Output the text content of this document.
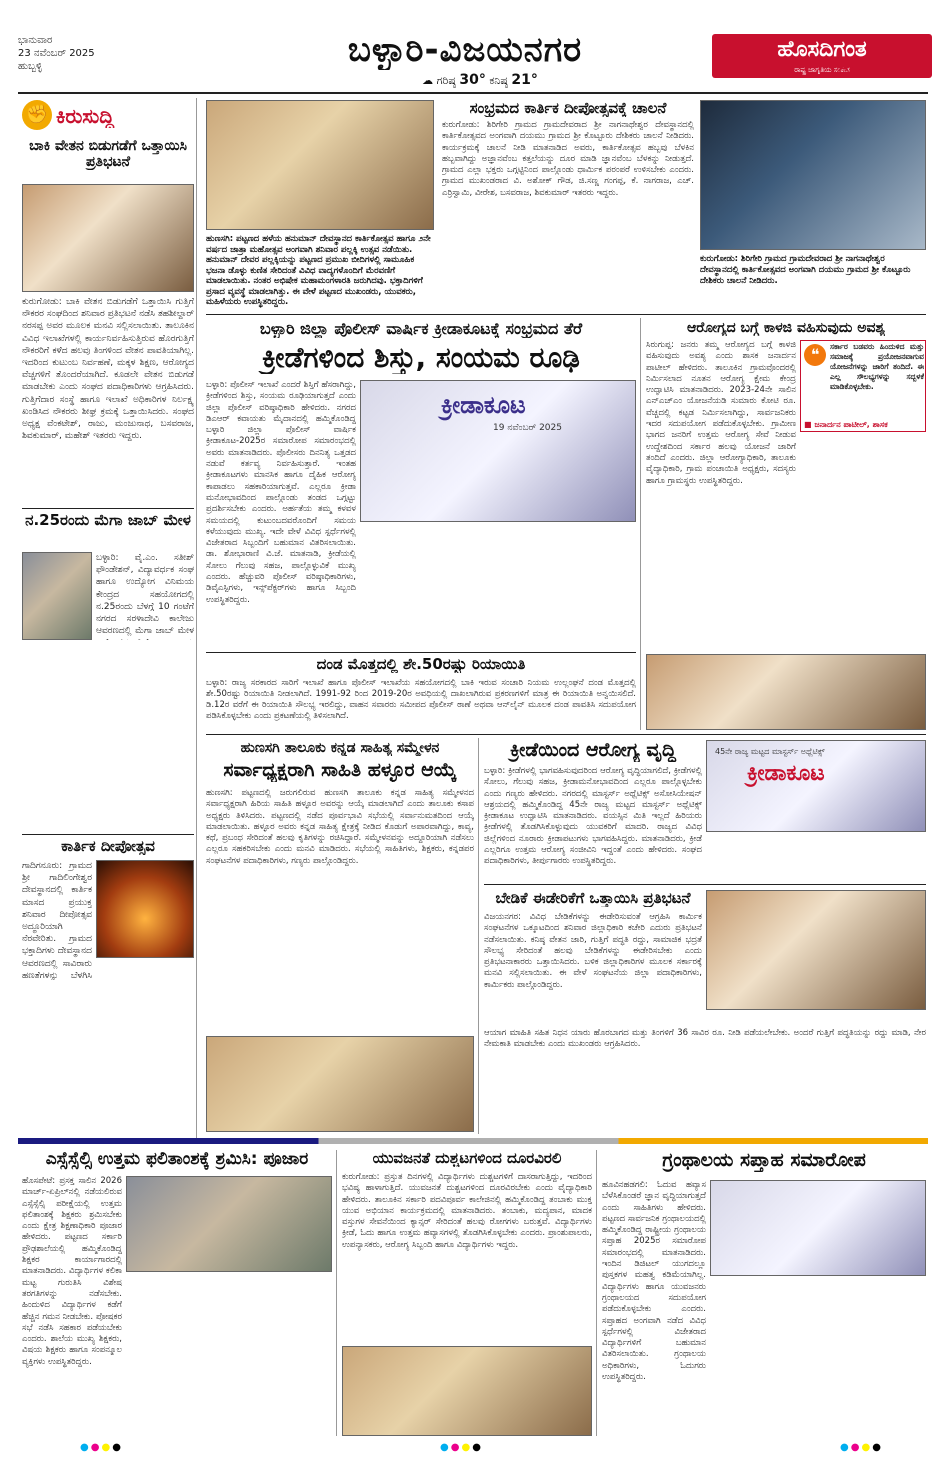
ಭಾನುವಾರ
23 ನವೆಂಬರ್ 2025
ಹುಬ್ಬಳ್ಳಿ	ಬಳ್ಳಾರಿ-ವಿಜಯನಗರ
☁ ಗರಿಷ್ಠ 30° ಕನಿಷ್ಠ 21°
ಹೊಸದಿಗಂತ
ರಾಷ್ಟ್ರ ಜಾಗೃತಿಯ ಸಂಕೇತ
೧೧
✊ ಕಿರುಸುದ್ದಿ
ಬಾಕಿ ವೇತನ ಬಿಡುಗಡೆಗೆ ಒತ್ತಾಯಿಸಿ ಪ್ರತಿಭಟನೆ
ಕುರುಗೋಡು: ಬಾಕಿ ವೇತನ ಬಿಡುಗಡೆಗೆ ಒತ್ತಾಯಿಸಿ ಗುತ್ತಿಗೆ ನೌಕರರ ಸಂಘದಿಂದ ಶನಿವಾರ ಪ್ರತಿಭಟನೆ ನಡೆಸಿ ತಹಶೀಲ್ದಾರ್ ನರಸಪ್ಪ ಅವರ ಮೂಲಕ ಮನವಿ ಸಲ್ಲಿಸಲಾಯಿತು. ತಾಲೂಕಿನ ವಿವಿಧ ಇಲಾಖೆಗಳಲ್ಲಿ ಕಾರ್ಯನಿರ್ವಹಿಸುತ್ತಿರುವ ಹೊರಗುತ್ತಿಗೆ ನೌಕರರಿಗೆ ಕಳೆದ ಹಲವು ತಿಂಗಳಿಂದ ವೇತನ ಪಾವತಿಯಾಗಿಲ್ಲ. ಇದರಿಂದ ಕುಟುಂಬ ನಿರ್ವಹಣೆ, ಮಕ್ಕಳ ಶಿಕ್ಷಣ, ಆರೋಗ್ಯದ ವೆಚ್ಚಗಳಿಗೆ ತೊಂದರೆಯಾಗಿದೆ. ಕೂಡಲೇ ವೇತನ ಬಿಡುಗಡೆ ಮಾಡಬೇಕು ಎಂದು ಸಂಘದ ಪದಾಧಿಕಾರಿಗಳು ಆಗ್ರಹಿಸಿದರು. ಗುತ್ತಿಗೆದಾರ ಸಂಸ್ಥೆ ಹಾಗೂ ಇಲಾಖೆ ಅಧಿಕಾರಿಗಳ ನಿರ್ಲಕ್ಷ್ಯ ಖಂಡಿಸಿದ ನೌಕರರು ಶೀಘ್ರ ಕ್ರಮಕ್ಕೆ ಒತ್ತಾಯಿಸಿದರು. ಸಂಘದ ಅಧ್ಯಕ್ಷ ವೆಂಕಟೇಶ್, ರಾಜು, ಮಂಜುನಾಥ, ಬಸವರಾಜ, ಶಿವಕುಮಾರ್, ಮಹೇಶ್ ಇತರರು ಇದ್ದರು.
ನ.25ರಂದು ಮೆಗಾ ಜಾಬ್ ಮೇಳ
ಬಳ್ಳಾರಿ: ವೈ.ಎಂ. ಸತೀಶ್ ಫೌಂಡೇಶನ್, ವಿದ್ಯಾವರ್ಧಕ ಸಂಘ ಹಾಗೂ ಉದ್ಯೋಗ ವಿನಿಮಯ ಕೇಂದ್ರದ ಸಹಯೋಗದಲ್ಲಿ ನ.25ರಂದು ಬೆಳಗ್ಗೆ 10 ಗಂಟೆಗೆ ನಗರದ ಸರಳಾದೇವಿ ಕಾಲೇಜು ಆವರಣದಲ್ಲಿ ಮೆಗಾ ಜಾಬ್ ಮೇಳ
ಕಾರ್ತಿಕ ದೀಪೋತ್ಸವ
ಗಾದಿಗನೂರು: ಗ್ರಾಮದ ಶ್ರೀ ಗಾದಿಲಿಂಗೇಶ್ವರ ದೇವಸ್ಥಾನದಲ್ಲಿ ಕಾರ್ತಿಕ ಮಾಸದ ಪ್ರಯುಕ್ತ ಶನಿವಾರ ದೀಪೋತ್ಸವ ಅದ್ಧೂರಿಯಾಗಿ ನೆರವೇರಿತು. ಗ್ರಾಮದ ಭಕ್ತಾದಿಗಳು ದೇವಸ್ಥಾನದ ಆವರಣದಲ್ಲಿ ಸಾವಿರಾರು ಹಣತೆಗಳನ್ನು ಬೆಳಗಿಸಿ
ಹುಣಸಗಿ: ಪಟ್ಟಣದ ಹಳೆಯ ಹನುಮಾನ್ ದೇವಸ್ಥಾನದ ಕಾರ್ತಿಕೋತ್ಸವ ಹಾಗೂ ೨ನೇ ವರ್ಷದ ಜಾತ್ರಾ ಮಹೋತ್ಸವ ಅಂಗವಾಗಿ ಶನಿವಾರ ಪಲ್ಲಕ್ಕಿ ಉತ್ಸವ ನಡೆಯಿತು. ಹನುಮಾನ್ ದೇವರ ಪಲ್ಲಕ್ಕಿಯನ್ನು ಪಟ್ಟಣದ ಪ್ರಮುಖ ಬೀದಿಗಳಲ್ಲಿ ಸಾಮೂಹಿಕ ಭಜನಾ ಡೊಳ್ಳು ಕುಣಿತ ಸೇರಿದಂತೆ ವಿವಿಧ ವಾದ್ಯಗಳೊಂದಿಗೆ ಮೆರವಣಿಗೆ ಮಾಡಲಾಯಿತು. ನಂತರ ಅಭಿಷೇಕ ಮಹಾಮಂಗಳಾರತಿ ಜರುಗಿದವು. ಭಕ್ತಾದಿಗಳಿಗೆ ಪ್ರಸಾದ ವ್ಯವಸ್ಥೆ ಮಾಡಲಾಗಿತ್ತು. ಈ ವೇಳೆ ಪಟ್ಟಣದ ಮುಖಂಡರು, ಯುವಕರು, ಮಹಿಳೆಯರು ಉಪಸ್ಥಿತರಿದ್ದರು.
ಸಂಭ್ರಮದ ಕಾರ್ತಿಕ ದೀಪೋತ್ಸವಕ್ಕೆ ಚಾಲನೆ
ಕುರುಗೋಡು: ಶಿರಿಗೇರಿ ಗ್ರಾಮದ ಗ್ರಾಮದೇವರಾದ ಶ್ರೀ ನಾಗನಾಥೇಶ್ವರ ದೇವಸ್ಥಾನದಲ್ಲಿ ಕಾರ್ತಿಕೋತ್ಸವದ ಅಂಗವಾಗಿ ದಯಮು ಗ್ರಾಮದ ಶ್ರೀ ಕೊಟ್ಟೂರು ದೇಶಿಕರು ಚಾಲನೆ ನೀಡಿದರು. ಕಾರ್ಯಕ್ರಮಕ್ಕೆ ಚಾಲನೆ ನೀಡಿ ಮಾತನಾಡಿದ ಅವರು, ಕಾರ್ತಿಕೋತ್ಸವ ಹಬ್ಬವು ಬೆಳಕಿನ ಹಬ್ಬವಾಗಿದ್ದು ಅಜ್ಞಾನವೆಂಬ ಕತ್ತಲೆಯನ್ನು ದೂರ ಮಾಡಿ ಜ್ಞಾನವೆಂಬ ಬೆಳಕನ್ನು ನೀಡುತ್ತದೆ. ಗ್ರಾಮದ ಎಲ್ಲಾ ಭಕ್ತರು ಒಗ್ಗಟ್ಟಿನಿಂದ ಪಾಲ್ಗೊಂಡು ಧಾರ್ಮಿಕ ಪರಂಪರೆ ಉಳಿಸಬೇಕು ಎಂದರು. ಗ್ರಾಮದ ಮುಖಂಡರಾದ ವಿ. ಅಶೋಕ್ ಗೌಡ, ಜಿ.ಸಣ್ಣ ಗಂಗಪ್ಪ, ಕೆ. ನಾಗರಾಜ, ಎಚ್. ಎರ್ರಿಸ್ವಾಮಿ, ವೀರೇಶ, ಬಸವರಾಜ, ಶಿವಕುಮಾರ್ ಇತರರು ಇದ್ದರು.
ಕುರುಗೋಡು: ಶಿರಿಗೇರಿ ಗ್ರಾಮದ ಗ್ರಾಮದೇವರಾದ ಶ್ರೀ ನಾಗನಾಥೇಶ್ವರ ದೇವಸ್ಥಾನದಲ್ಲಿ ಕಾರ್ತಿಕೋತ್ಸವದ ಅಂಗವಾಗಿ ದಯಮು ಗ್ರಾಮದ ಶ್ರೀ ಕೊಟ್ಟೂರು ದೇಶಿಕರು ಚಾಲನೆ ನೀಡಿದರು.
ಬಳ್ಳಾರಿ ಜಿಲ್ಲಾ ಪೊಲೀಸ್ ವಾರ್ಷಿಕ ಕ್ರೀಡಾಕೂಟಕ್ಕೆ ಸಂಭ್ರಮದ ತೆರೆ
ಕ್ರೀಡೆಗಳಿಂದ ಶಿಸ್ತು, ಸಂಯಮ ರೂಢಿ
ಬಳ್ಳಾರಿ: ಪೊಲೀಸ್ ಇಲಾಖೆ ಎಂದರೆ ಶಿಸ್ತಿಗೆ ಹೆಸರಾಗಿದ್ದು, ಕ್ರೀಡೆಗಳಿಂದ ಶಿಸ್ತು, ಸಂಯಮ ರೂಢಿಯಾಗುತ್ತದೆ ಎಂದು ಜಿಲ್ಲಾ ಪೊಲೀಸ್ ವರಿಷ್ಠಾಧಿಕಾರಿ ಹೇಳಿದರು. ನಗರದ ಡಿಎಆರ್ ಕವಾಯತು ಮೈದಾನದಲ್ಲಿ ಹಮ್ಮಿಕೊಂಡಿದ್ದ ಬಳ್ಳಾರಿ ಜಿಲ್ಲಾ ಪೊಲೀಸ್ ವಾರ್ಷಿಕ ಕ್ರೀಡಾಕೂಟ-2025ರ ಸಮಾರೋಪ ಸಮಾರಂಭದಲ್ಲಿ ಅವರು ಮಾತನಾಡಿದರು. ಪೊಲೀಸರು ದಿನನಿತ್ಯ ಒತ್ತಡದ ನಡುವೆ ಕರ್ತವ್ಯ ನಿರ್ವಹಿಸುತ್ತಾರೆ. ಇಂತಹ ಕ್ರೀಡಾಕೂಟಗಳು ಮಾನಸಿಕ ಹಾಗೂ ದೈಹಿಕ ಆರೋಗ್ಯ ಕಾಪಾಡಲು ಸಹಕಾರಿಯಾಗುತ್ತವೆ. ಎಲ್ಲರೂ ಕ್ರೀಡಾ ಮನೋಭಾವದಿಂದ ಪಾಲ್ಗೊಂಡು ತಂಡದ ಒಗ್ಗಟ್ಟು ಪ್ರದರ್ಶಿಸಬೇಕು ಎಂದರು. ಅರ್ಹತೆಯ ತಮ್ಮ ಕಳವಳ ಸಮಯದಲ್ಲಿ ಕುಟುಂಬದವರೊಂದಿಗೆ ಸಮಯ ಕಳೆಯುವುದು ಮುಖ್ಯ. ಇದೇ ವೇಳೆ ವಿವಿಧ ಸ್ಪರ್ಧೆಗಳಲ್ಲಿ ವಿಜೇತರಾದ ಸಿಬ್ಬಂದಿಗೆ ಬಹುಮಾನ ವಿತರಿಸಲಾಯಿತು. ಡಾ. ಶೋಭಾರಾಣಿ ವಿ.ಜೆ. ಮಾತನಾಡಿ, ಕ್ರೀಡೆಯಲ್ಲಿ ಸೋಲು ಗೆಲುವು ಸಹಜ, ಪಾಲ್ಗೊಳ್ಳುವಿಕೆ ಮುಖ್ಯ ಎಂದರು. ಹೆಚ್ಚುವರಿ ಪೊಲೀಸ್ ವರಿಷ್ಠಾಧಿಕಾರಿಗಳು, ಡಿವೈಎಸ್ಪಿಗಳು, ಇನ್ಸ್‌ಪೆಕ್ಟರ್‌ಗಳು ಹಾಗೂ ಸಿಬ್ಬಂದಿ ಉಪಸ್ಥಿತರಿದ್ದರು.
ಕ್ರೀಡಾಕೂಟ
19 ನವೆಂಬರ್ 2025
ದಂಡ ಮೊತ್ತದಲ್ಲಿ ಶೇ.50ರಷ್ಟು ರಿಯಾಯಿತಿ
ಬಳ್ಳಾರಿ: ರಾಜ್ಯ ಸರಕಾರದ ಸಾರಿಗೆ ಇಲಾಖೆ ಹಾಗೂ ಪೊಲೀಸ್ ಇಲಾಖೆಯ ಸಹಯೋಗದಲ್ಲಿ ಬಾಕಿ ಇರುವ ಸಂಚಾರಿ ನಿಯಮ ಉಲ್ಲಂಘನೆ ದಂಡ ಮೊತ್ತದಲ್ಲಿ ಶೇ.50ರಷ್ಟು ರಿಯಾಯಿತಿ ನೀಡಲಾಗಿದೆ. 1991-92 ರಿಂದ 2019-20ರ ಅವಧಿಯಲ್ಲಿ ದಾಖಲಾಗಿರುವ ಪ್ರಕರಣಗಳಿಗೆ ಮಾತ್ರ ಈ ರಿಯಾಯಿತಿ ಅನ್ವಯಿಸಲಿದೆ. ಡಿ.12ರ ವರೆಗೆ ಈ ರಿಯಾಯಿತಿ ಸೌಲಭ್ಯ ಇರಲಿದ್ದು, ವಾಹನ ಸವಾರರು ಸಮೀಪದ ಪೊಲೀಸ್ ಠಾಣೆ ಅಥವಾ ಆನ್‌ಲೈನ್ ಮೂಲಕ ದಂಡ ಪಾವತಿಸಿ ಸದುಪಯೋಗ ಪಡಿಸಿಕೊಳ್ಳಬೇಕು ಎಂದು ಪ್ರಕಟಣೆಯಲ್ಲಿ ತಿಳಿಸಲಾಗಿದೆ.
ಆರೋಗ್ಯದ ಬಗ್ಗೆ ಕಾಳಜಿ ವಹಿಸುವುದು ಅವಶ್ಯ
❝	ಸರ್ಕಾರ ಬಡವರು ಹಿಂದುಳಿದ ಮತ್ತು ಸಮಾಜಕ್ಕೆ ಪ್ರಯೋಜನವಾಗುವ ಯೋಜನೆಗಳನ್ನು ಜಾರಿಗೆ ತಂದಿದೆ. ಈ ಎಲ್ಲ ಸೌಲಭ್ಯಗಳನ್ನು ಸದ್ಬಳಕೆ ಮಾಡಿಕೊಳ್ಳಬೇಕು.
■ ಜನಾರ್ದನ ಪಾಟೀಲ್, ಶಾಸಕ
ಸಿರುಗುಪ್ಪ: ಜನರು ತಮ್ಮ ಆರೋಗ್ಯದ ಬಗ್ಗೆ ಕಾಳಜಿ ವಹಿಸುವುದು ಅವಶ್ಯ ಎಂದು ಶಾಸಕ ಜನಾರ್ದನ ಪಾಟೀಲ್ ಹೇಳಿದರು. ತಾಲೂಕಿನ ಗ್ರಾಮವೊಂದರಲ್ಲಿ ನಿರ್ಮಿಸಲಾದ ನೂತನ ಆರೋಗ್ಯ ಕ್ಷೇಮ ಕೇಂದ್ರ ಉದ್ಘಾಟಿಸಿ ಮಾತನಾಡಿದರು. 2023-24ನೇ ಸಾಲಿನ ಎನ್‌ಎಚ್‌ಎಂ ಯೋಜನೆಯಡಿ ಸುಮಾರು ಕೋಟಿ ರೂ. ವೆಚ್ಚದಲ್ಲಿ ಕಟ್ಟಡ ನಿರ್ಮಿಸಲಾಗಿದ್ದು, ಸಾರ್ವಜನಿಕರು ಇದರ ಸದುಪಯೋಗ ಪಡೆದುಕೊಳ್ಳಬೇಕು. ಗ್ರಾಮೀಣ ಭಾಗದ ಜನರಿಗೆ ಉತ್ತಮ ಆರೋಗ್ಯ ಸೇವೆ ನೀಡುವ ಉದ್ದೇಶದಿಂದ ಸರ್ಕಾರ ಹಲವು ಯೋಜನೆ ಜಾರಿಗೆ ತಂದಿದೆ ಎಂದರು. ಜಿಲ್ಲಾ ಆರೋಗ್ಯಾಧಿಕಾರಿ, ತಾಲೂಕು ವೈದ್ಯಾಧಿಕಾರಿ, ಗ್ರಾಮ ಪಂಚಾಯಿತಿ ಅಧ್ಯಕ್ಷರು, ಸದಸ್ಯರು ಹಾಗೂ ಗ್ರಾಮಸ್ಥರು ಉಪಸ್ಥಿತರಿದ್ದರು.
ಹುಣಸಗಿ ತಾಲೂಕು ಕನ್ನಡ ಸಾಹಿತ್ಯ ಸಮ್ಮೇಳನ
ಸರ್ವಾಧ್ಯಕ್ಷರಾಗಿ ಸಾಹಿತಿ ಹಳ್ಳೂರ ಆಯ್ಕೆ
ಹುಣಸಗಿ: ಪಟ್ಟಣದಲ್ಲಿ ಜರುಗಲಿರುವ ಹುಣಸಗಿ ತಾಲೂಕು ಕನ್ನಡ ಸಾಹಿತ್ಯ ಸಮ್ಮೇಳನದ ಸರ್ವಾಧ್ಯಕ್ಷರಾಗಿ ಹಿರಿಯ ಸಾಹಿತಿ ಹಳ್ಳೂರ ಅವರನ್ನು ಆಯ್ಕೆ ಮಾಡಲಾಗಿದೆ ಎಂದು ತಾಲೂಕು ಕಸಾಪ ಅಧ್ಯಕ್ಷರು ತಿಳಿಸಿದರು. ಪಟ್ಟಣದಲ್ಲಿ ನಡೆದ ಪೂರ್ವಭಾವಿ ಸಭೆಯಲ್ಲಿ ಸರ್ವಾನುಮತದಿಂದ ಆಯ್ಕೆ ಮಾಡಲಾಯಿತು. ಹಳ್ಳೂರ ಅವರು ಕನ್ನಡ ಸಾಹಿತ್ಯ ಕ್ಷೇತ್ರಕ್ಕೆ ನೀಡಿದ ಕೊಡುಗೆ ಅಪಾರವಾಗಿದ್ದು, ಕಾವ್ಯ, ಕಥೆ, ಪ್ರಬಂಧ ಸೇರಿದಂತೆ ಹಲವು ಕೃತಿಗಳನ್ನು ರಚಿಸಿದ್ದಾರೆ. ಸಮ್ಮೇಳನವನ್ನು ಅದ್ದೂರಿಯಾಗಿ ನಡೆಸಲು ಎಲ್ಲರೂ ಸಹಕರಿಸಬೇಕು ಎಂದು ಮನವಿ ಮಾಡಿದರು. ಸಭೆಯಲ್ಲಿ ಸಾಹಿತಿಗಳು, ಶಿಕ್ಷಕರು, ಕನ್ನಡಪರ ಸಂಘಟನೆಗಳ ಪದಾಧಿಕಾರಿಗಳು, ಗಣ್ಯರು ಪಾಲ್ಗೊಂಡಿದ್ದರು.
ಕ್ರೀಡೆಯಿಂದ ಆರೋಗ್ಯ ವೃದ್ಧಿ	45ನೇ ರಾಜ್ಯ ಮಟ್ಟದ ಮಾಸ್ಟರ್ಸ್ ಅಥ್ಲೆಟಿಕ್ಸ್
ಕ್ರೀಡಾಕೂಟ
ಬಳ್ಳಾರಿ: ಕ್ರೀಡೆಗಳಲ್ಲಿ ಭಾಗವಹಿಸುವುದರಿಂದ ಆರೋಗ್ಯ ವೃದ್ಧಿಯಾಗಲಿದೆ, ಕ್ರೀಡೆಗಳಲ್ಲಿ ಸೋಲು, ಗೆಲುವು ಸಹಜ, ಕ್ರೀಡಾಮನೋಭಾವದಿಂದ ಎಲ್ಲರೂ ಪಾಲ್ಗೊಳ್ಳಬೇಕು ಎಂದು ಗಣ್ಯರು ಹೇಳಿದರು. ನಗರದಲ್ಲಿ ಮಾಸ್ಟರ್ಸ್ ಅಥ್ಲೆಟಿಕ್ಸ್ ಅಸೋಸಿಯೇಷನ್ ಆಶ್ರಯದಲ್ಲಿ ಹಮ್ಮಿಕೊಂಡಿದ್ದ 45ನೇ ರಾಜ್ಯ ಮಟ್ಟದ ಮಾಸ್ಟರ್ಸ್ ಅಥ್ಲೆಟಿಕ್ಸ್ ಕ್ರೀಡಾಕೂಟ ಉದ್ಘಾಟಿಸಿ ಮಾತನಾಡಿದರು. ವಯಸ್ಸಿನ ಮಿತಿ ಇಲ್ಲದೆ ಹಿರಿಯರು ಕ್ರೀಡೆಗಳಲ್ಲಿ ತೊಡಗಿಸಿಕೊಳ್ಳುವುದು ಯುವಕರಿಗೆ ಮಾದರಿ. ರಾಜ್ಯದ ವಿವಿಧ ಜಿಲ್ಲೆಗಳಿಂದ ನೂರಾರು ಕ್ರೀಡಾಪಟುಗಳು ಭಾಗವಹಿಸಿದ್ದರು. ಮಾತನಾಡಿದರು, ಕ್ರೀಡೆ ಎಲ್ಲರಿಗೂ ಉತ್ತಮ ಆರೋಗ್ಯ ಸಂಜೀವಿನಿ ಇದ್ದಂತೆ ಎಂದು ಹೇಳಿದರು. ಸಂಘದ ಪದಾಧಿಕಾರಿಗಳು, ತೀರ್ಪುಗಾರರು ಉಪಸ್ಥಿತರಿದ್ದರು.
ಬೇಡಿಕೆ ಈಡೇರಿಕೆಗೆ ಒತ್ತಾಯಿಸಿ ಪ್ರತಿಭಟನೆ
ವಿಜಯನಗರ: ವಿವಿಧ ಬೇಡಿಕೆಗಳನ್ನು ಈಡೇರಿಸುವಂತೆ ಆಗ್ರಹಿಸಿ ಕಾರ್ಮಿಕ ಸಂಘಟನೆಗಳ ಒಕ್ಕೂಟದಿಂದ ಶನಿವಾರ ಜಿಲ್ಲಾಧಿಕಾರಿ ಕಚೇರಿ ಎದುರು ಪ್ರತಿಭಟನೆ ನಡೆಸಲಾಯಿತು. ಕನಿಷ್ಠ ವೇತನ ಜಾರಿ, ಗುತ್ತಿಗೆ ಪದ್ಧತಿ ರದ್ದು, ಸಾಮಾಜಿಕ ಭದ್ರತೆ ಸೌಲಭ್ಯ ಸೇರಿದಂತೆ ಹಲವು ಬೇಡಿಕೆಗಳನ್ನು ಈಡೇರಿಸಬೇಕು ಎಂದು ಪ್ರತಿಭಟನಾಕಾರರು ಒತ್ತಾಯಿಸಿದರು. ಬಳಿಕ ಜಿಲ್ಲಾಧಿಕಾರಿಗಳ ಮೂಲಕ ಸರ್ಕಾರಕ್ಕೆ ಮನವಿ ಸಲ್ಲಿಸಲಾಯಿತು. ಈ ವೇಳೆ ಸಂಘಟನೆಯ ಜಿಲ್ಲಾ ಪದಾಧಿಕಾರಿಗಳು, ಕಾರ್ಮಿಕರು ಪಾಲ್ಗೊಂಡಿದ್ದರು.
ಆಯಾಗ ಮಾಹಿತಿ ಸಹಿತ ನಿಧನ ಯಾರು ಹೊರಬಾಗದ ಮತ್ತು ತಿಂಗಳಿಗೆ 36 ಸಾವಿರ ರೂ. ನೀಡಿ ಪಡೆಯಲೇಬೇಕು. ಅಂದರೆ ಗುತ್ತಿಗೆ ಪದ್ಧತಿಯನ್ನು ರದ್ದು ಮಾಡಿ, ನೇರ ನೇಮಕಾತಿ ಮಾಡಬೇಕು ಎಂದು ಮುಖಂಡರು ಆಗ್ರಹಿಸಿದರು.
ಎಸ್ಸೆಸ್ಸೆಲ್ಸಿ ಉತ್ತಮ ಫಲಿತಾಂಶಕ್ಕೆ ಶ್ರಮಿಸಿ: ಪೂಜಾರ
ಹೊಸಪೇಟೆ: ಪ್ರಸಕ್ತ ಸಾಲಿನ 2026 ಮಾರ್ಚ್-ಏಪ್ರಿಲ್‌ನಲ್ಲಿ ನಡೆಯಲಿರುವ ಎಸ್ಸೆಸ್ಸೆಲ್ಸಿ ಪರೀಕ್ಷೆಯಲ್ಲಿ ಉತ್ತಮ ಫಲಿತಾಂಶಕ್ಕೆ ಶಿಕ್ಷಕರು ಶ್ರಮಿಸಬೇಕು ಎಂದು ಕ್ಷೇತ್ರ ಶಿಕ್ಷಣಾಧಿಕಾರಿ ಪೂಜಾರ ಹೇಳಿದರು. ಪಟ್ಟಣದ ಸರ್ಕಾರಿ ಪ್ರೌಢಶಾಲೆಯಲ್ಲಿ ಹಮ್ಮಿಕೊಂಡಿದ್ದ ಶಿಕ್ಷಕರ ಕಾರ್ಯಾಗಾರದಲ್ಲಿ ಮಾತನಾಡಿದರು. ವಿದ್ಯಾರ್ಥಿಗಳ ಕಲಿಕಾ ಮಟ್ಟ ಗುರುತಿಸಿ ವಿಶೇಷ ತರಗತಿಗಳನ್ನು ನಡೆಸಬೇಕು. ಹಿಂದುಳಿದ ವಿದ್ಯಾರ್ಥಿಗಳ ಕಡೆಗೆ ಹೆಚ್ಚಿನ ಗಮನ ನೀಡಬೇಕು. ಪೋಷಕರ ಸಭೆ ನಡೆಸಿ ಸಹಕಾರ ಪಡೆಯಬೇಕು ಎಂದರು. ಶಾಲೆಯ ಮುಖ್ಯ ಶಿಕ್ಷಕರು, ವಿಷಯ ಶಿಕ್ಷಕರು ಹಾಗೂ ಸಂಪನ್ಮೂಲ ವ್ಯಕ್ತಿಗಳು ಉಪಸ್ಥಿತರಿದ್ದರು.
ಯುವಜನತೆ ದುಶ್ಚಟಗಳಿಂದ ದೂರವಿರಲಿ
ಕುರುಗೋಡು: ಪ್ರಸ್ತುತ ದಿನಗಳಲ್ಲಿ ವಿದ್ಯಾರ್ಥಿಗಳು ದುಶ್ಚಟಗಳಿಗೆ ದಾಸರಾಗುತ್ತಿದ್ದು, ಇದರಿಂದ ಭವಿಷ್ಯ ಹಾಳಾಗುತ್ತಿದೆ. ಯುವಜನತೆ ದುಶ್ಚಟಗಳಿಂದ ದೂರವಿರಬೇಕು ಎಂದು ವೈದ್ಯಾಧಿಕಾರಿ ಹೇಳಿದರು. ತಾಲೂಕಿನ ಸರ್ಕಾರಿ ಪದವಿಪೂರ್ವ ಕಾಲೇಜಿನಲ್ಲಿ ಹಮ್ಮಿಕೊಂಡಿದ್ದ ತಂಬಾಕು ಮುಕ್ತ ಯುವ ಅಭಿಯಾನ ಕಾರ್ಯಕ್ರಮದಲ್ಲಿ ಮಾತನಾಡಿದರು. ತಂಬಾಕು, ಮದ್ಯಪಾನ, ಮಾದಕ ವಸ್ತುಗಳ ಸೇವನೆಯಿಂದ ಕ್ಯಾನ್ಸರ್ ಸೇರಿದಂತೆ ಹಲವು ರೋಗಗಳು ಬರುತ್ತವೆ. ವಿದ್ಯಾರ್ಥಿಗಳು ಕ್ರೀಡೆ, ಓದು ಹಾಗೂ ಉತ್ತಮ ಹವ್ಯಾಸಗಳಲ್ಲಿ ತೊಡಗಿಸಿಕೊಳ್ಳಬೇಕು ಎಂದರು. ಪ್ರಾಂಶುಪಾಲರು, ಉಪನ್ಯಾಸಕರು, ಆರೋಗ್ಯ ಸಿಬ್ಬಂದಿ ಹಾಗೂ ವಿದ್ಯಾರ್ಥಿಗಳು ಇದ್ದರು.
ಗ್ರಂಥಾಲಯ ಸಪ್ತಾಹ ಸಮಾರೋಪ
ಹೂವಿನಹಡಗಲಿ: ಓದುವ ಹವ್ಯಾಸ ಬೆಳೆಸಿಕೊಂಡರೆ ಜ್ಞಾನ ವೃದ್ಧಿಯಾಗುತ್ತದೆ ಎಂದು ಸಾಹಿತಿಗಳು ಹೇಳಿದರು. ಪಟ್ಟಣದ ಸಾರ್ವಜನಿಕ ಗ್ರಂಥಾಲಯದಲ್ಲಿ ಹಮ್ಮಿಕೊಂಡಿದ್ದ ರಾಷ್ಟ್ರೀಯ ಗ್ರಂಥಾಲಯ ಸಪ್ತಾಹ 2025ರ ಸಮಾರೋಪ ಸಮಾರಂಭದಲ್ಲಿ ಮಾತನಾಡಿದರು. ಇಂದಿನ ಡಿಜಿಟಲ್ ಯುಗದಲ್ಲೂ ಪುಸ್ತಕಗಳ ಮಹತ್ವ ಕಡಿಮೆಯಾಗಿಲ್ಲ. ವಿದ್ಯಾರ್ಥಿಗಳು ಹಾಗೂ ಯುವಜನರು ಗ್ರಂಥಾಲಯದ ಸದುಪಯೋಗ ಪಡೆದುಕೊಳ್ಳಬೇಕು ಎಂದರು. ಸಪ್ತಾಹದ ಅಂಗವಾಗಿ ನಡೆದ ವಿವಿಧ ಸ್ಪರ್ಧೆಗಳಲ್ಲಿ ವಿಜೇತರಾದ ವಿದ್ಯಾರ್ಥಿಗಳಿಗೆ ಬಹುಮಾನ ವಿತರಿಸಲಾಯಿತು. ಗ್ರಂಥಾಲಯ ಅಧಿಕಾರಿಗಳು, ಓದುಗರು ಉಪಸ್ಥಿತರಿದ್ದರು.
●●●●	●●●●	●●●●
